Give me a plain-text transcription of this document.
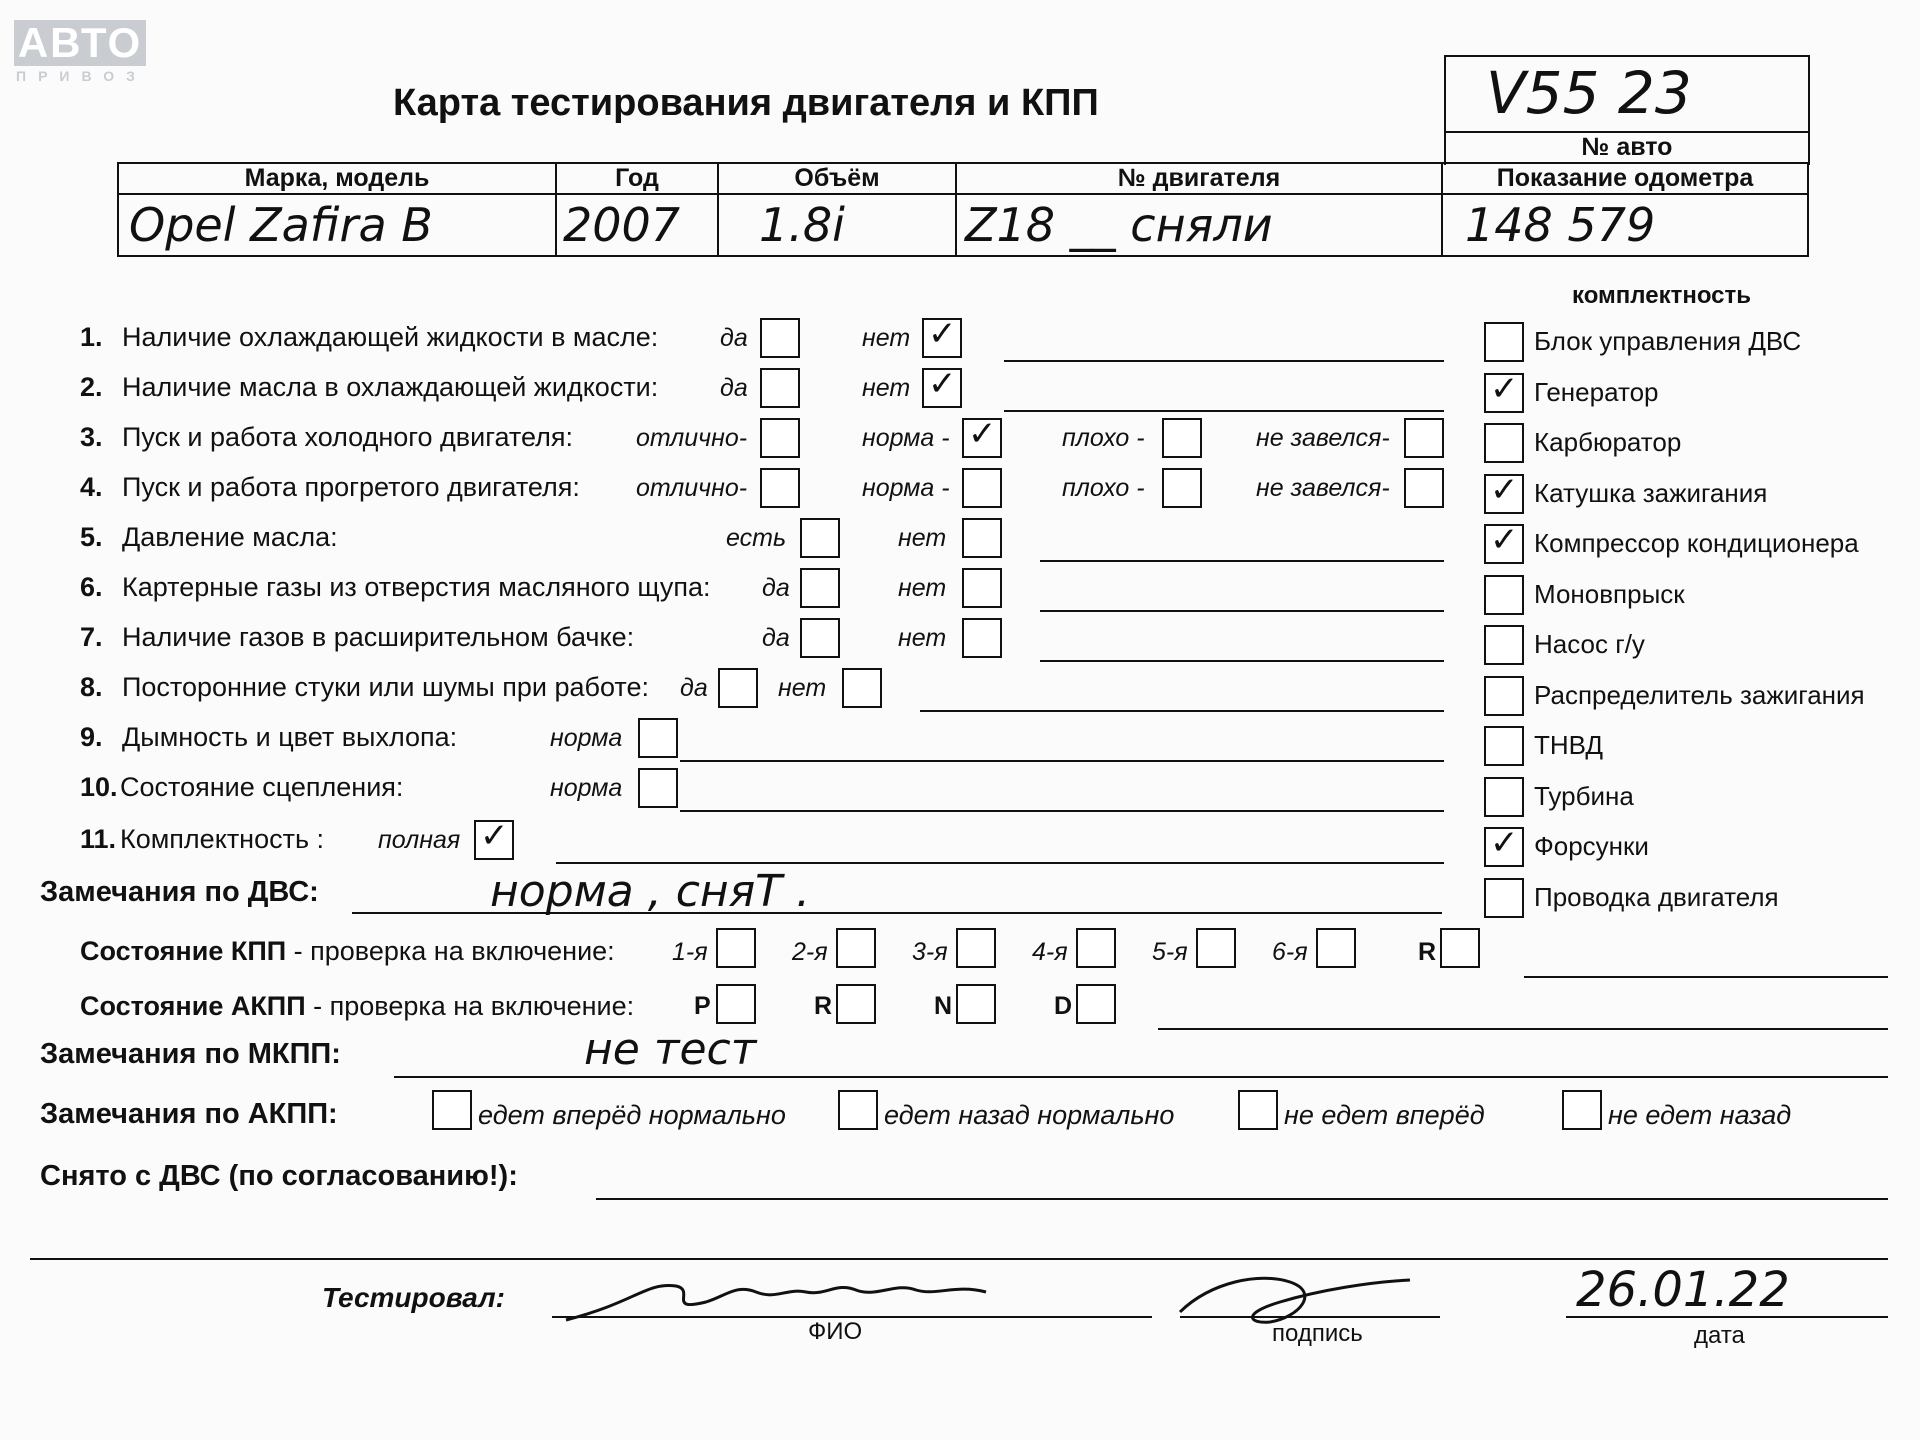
АВТО
ПРИВОЗ
Карта тестирования двигателя и КПП	V55 23
№ авто
Марка, модель	Год	Объём	№ двигателя	Показание одометра
Opel Zafira B	2007	1.8i	Z18 __ сняли	148 579
комплектность
1. Наличие охлаждающей жидкости в масле: да	нет ✓
2. Наличие масла в охлаждающей жидкости: да	нет ✓
3. Пуск и работа холодного двигателя:	отлично-	норма - ✓	плохо -	не завелся-
4. Пуск и работа прогретого двигателя: отлично-	норма -	плохо -	не завелся-
5. Давление масла:	есть	нет
6. Картерные газы из отверстия масляного щупа: да	нет
7. Наличие газов в расширительном бачке:	да	нет
8. Посторонние стуки или шумы при работе: да	нет
9. Дымность и цвет выхлопа:	норма
10. Состояние сцепления:	норма
11. Комплектность : полная ✓
Блок управления ДВС
✓ Генератор
Карбюратор
✓ Катушка зажигания
✓ Компрессор кондиционера
Моновпрыск
Насос г/у
Распределитель зажигания
ТНВД
Турбина
✓ Форсунки
Проводка двигателя
Замечания по ДВС:	норма , сняТ .
Состояние КПП - проверка на включение: 1-я	2-я	3-я	4-я	5-я	6-я	R
Состояние АКПП - проверка на включение: P	R	N	D
Замечания по МКПП:	не тест
Замечания по АКПП:	едет вперёд нормально	едет назад нормально	не едет вперёд	не едет назад
Снято с ДВС (по согласованию!):
Тестировал:
ФИО	подпись
26.01.22
дата
